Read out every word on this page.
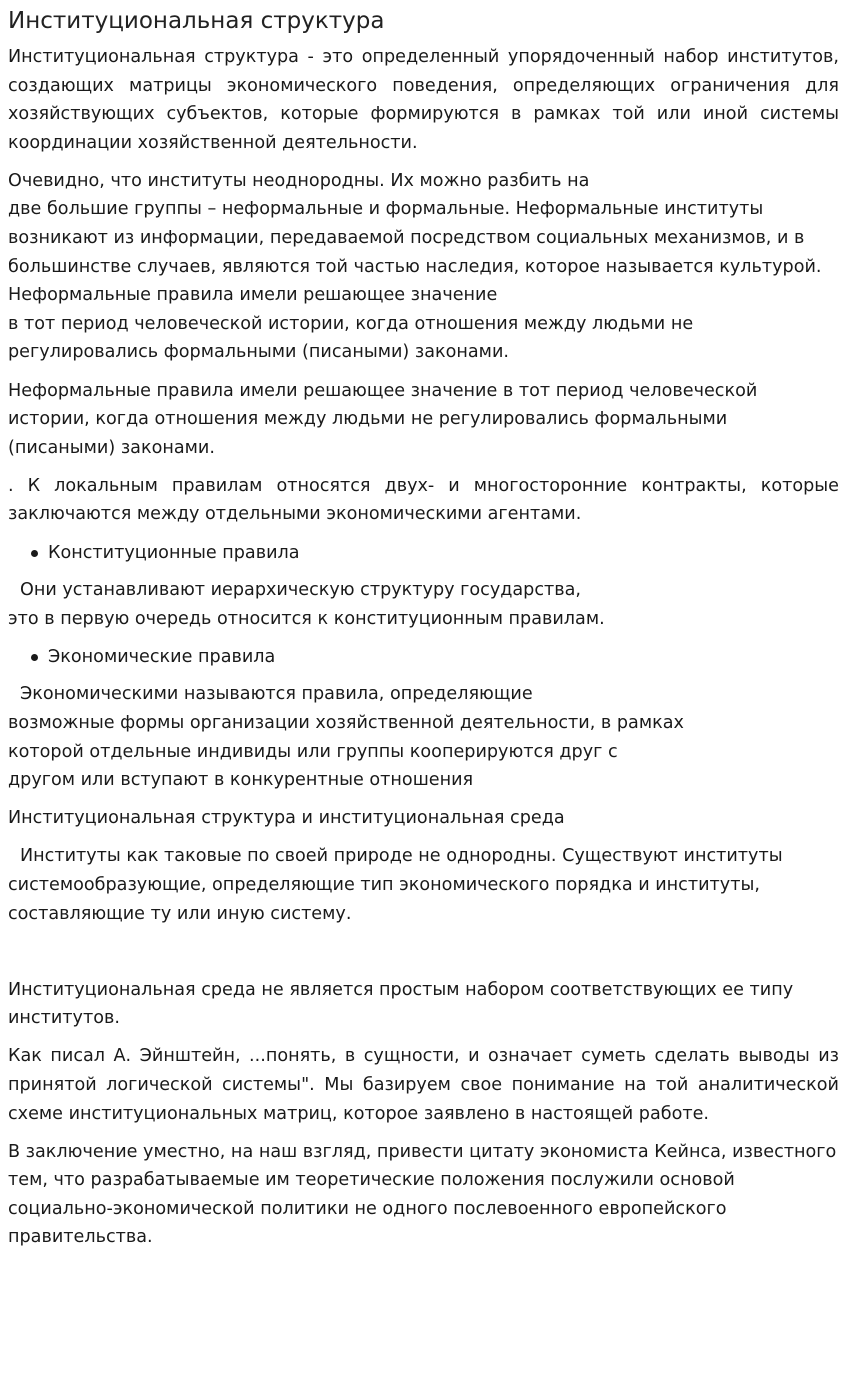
Институциональная структура

Институциональная структура - это определенный упорядоченный набор институтов, создающих матрицы экономического поведения, определяющих ограничения для хозяйствующих субъектов, которые формируются в рамках той или иной системы координации хозяйственной деятельности.

Очевидно, что институты неоднородны. Их можно разбить на
две большие группы – неформальные и формальные. Неформальные институты возникают из информации, передаваемой посредством социальных механизмов, и в большинстве случаев, являются той частью наследия, которое называется культурой. Неформальные правила имели решающее значение
в тот период человеческой истории, когда отношения между людьми не регулировались формальными (писаными) законами.

Неформальные правила имели решающее значение в тот период человеческой истории, когда отношения между людьми не регулировались формальными (писаными) законами.

. К локальным правилам относятся двух- и многосторонние контракты, которые заключаются между отдельными экономическими агентами.

Конституционные правила

Они устанавливают иерархическую структуру государства,
это в первую очередь относится к конституционным правилам.

Экономические правила

Экономическими называются правила, определяющие
возможные формы организации хозяйственной деятельности, в рамках
которой отдельные индивиды или группы кооперируются друг с
другом или вступают в конкурентные отношения

Институциональная структура и институциональная среда

Институты как таковые по своей природе не однородны. Существуют институты системообразующие, определяющие тип экономического порядка и институты, составляющие ту или иную систему.

Институциональная среда не является простым набором соответствующих ее типу институтов.

Как писал А. Эйнштейн, ...понять, в сущности, и означает суметь сделать выводы из принятой логической системы". Мы базируем свое понимание на той аналитической схеме институциональных матриц, которое заявлено в настоящей работе.

В заключение уместно, на наш взгляд, привести цитату экономиста Кейнса, известного тем, что разрабатываемые им теоретические положения послужили основой социально-экономической политики не одного послевоенного европейского правительства.
